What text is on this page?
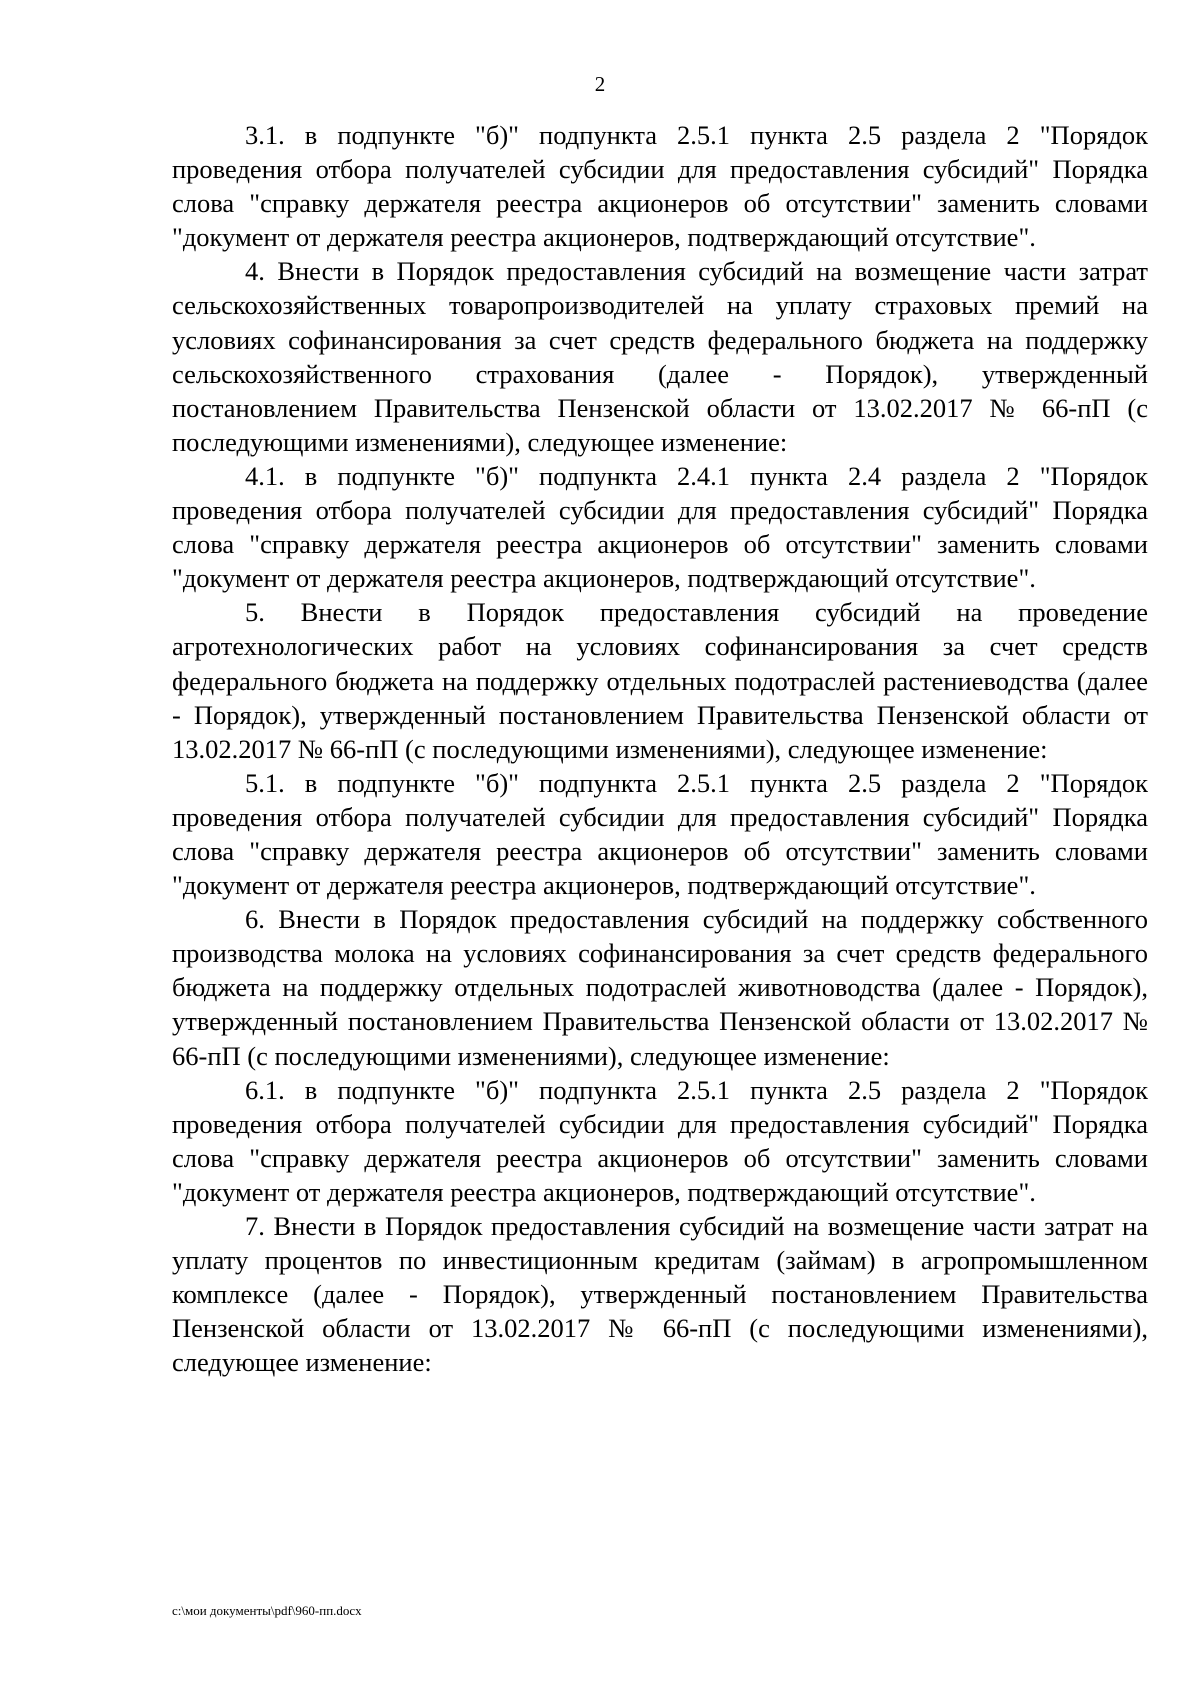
2

3.1. в подпункте "б)" подпункта 2.5.1 пункта 2.5 раздела 2 "Порядок проведения отбора получателей субсидии для предоставления субсидий" Порядка слова "справку держателя реестра акционеров об отсутствии" заменить словами "документ от держателя реестра акционеров, подтверждающий отсутствие".

4. Внести в Порядок предоставления субсидий на возмещение части затрат сельскохозяйственных товаропроизводителей на уплату страховых премий на условиях софинансирования за счет средств федерального бюджета на поддержку сельскохозяйственного страхования (далее - Порядок), утвержденный постановлением Правительства Пензенской области от 13.02.2017 № 66-пП (с последующими изменениями), следующее изменение:

4.1. в подпункте "б)" подпункта 2.4.1 пункта 2.4 раздела 2 "Порядок проведения отбора получателей субсидии для предоставления субсидий" Порядка слова "справку держателя реестра акционеров об отсутствии" заменить словами "документ от держателя реестра акционеров, подтверждающий отсутствие".

5. Внести в Порядок предоставления субсидий на проведение агротехнологических работ на условиях софинансирования за счет средств федерального бюджета на поддержку отдельных подотраслей растениеводства (далее - Порядок), утвержденный постановлением Правительства Пензенской области от 13.02.2017 № 66-пП (с последующими изменениями), следующее изменение:

5.1. в подпункте "б)" подпункта 2.5.1 пункта 2.5 раздела 2 "Порядок проведения отбора получателей субсидии для предоставления субсидий" Порядка слова "справку держателя реестра акционеров об отсутствии" заменить словами "документ от держателя реестра акционеров, подтверждающий отсутствие".

6. Внести в Порядок предоставления субсидий на поддержку собственного производства молока на условиях софинансирования за счет средств федерального бюджета на поддержку отдельных подотраслей животноводства (далее - Порядок), утвержденный постановлением Правительства Пензенской области от 13.02.2017 № 66-пП (с последующими изменениями), следующее изменение:

6.1. в подпункте "б)" подпункта 2.5.1 пункта 2.5 раздела 2 "Порядок проведения отбора получателей субсидии для предоставления субсидий" Порядка слова "справку держателя реестра акционеров об отсутствии" заменить словами "документ от держателя реестра акционеров, подтверждающий отсутствие".

7. Внести в Порядок предоставления субсидий на возмещение части затрат на уплату процентов по инвестиционным кредитам (займам) в агропромышленном комплексе (далее - Порядок), утвержденный постановлением Правительства Пензенской области от 13.02.2017 № 66-пП (с последующими изменениями), следующее изменение:

c:\мои документы\pdf\960-пп.docx
